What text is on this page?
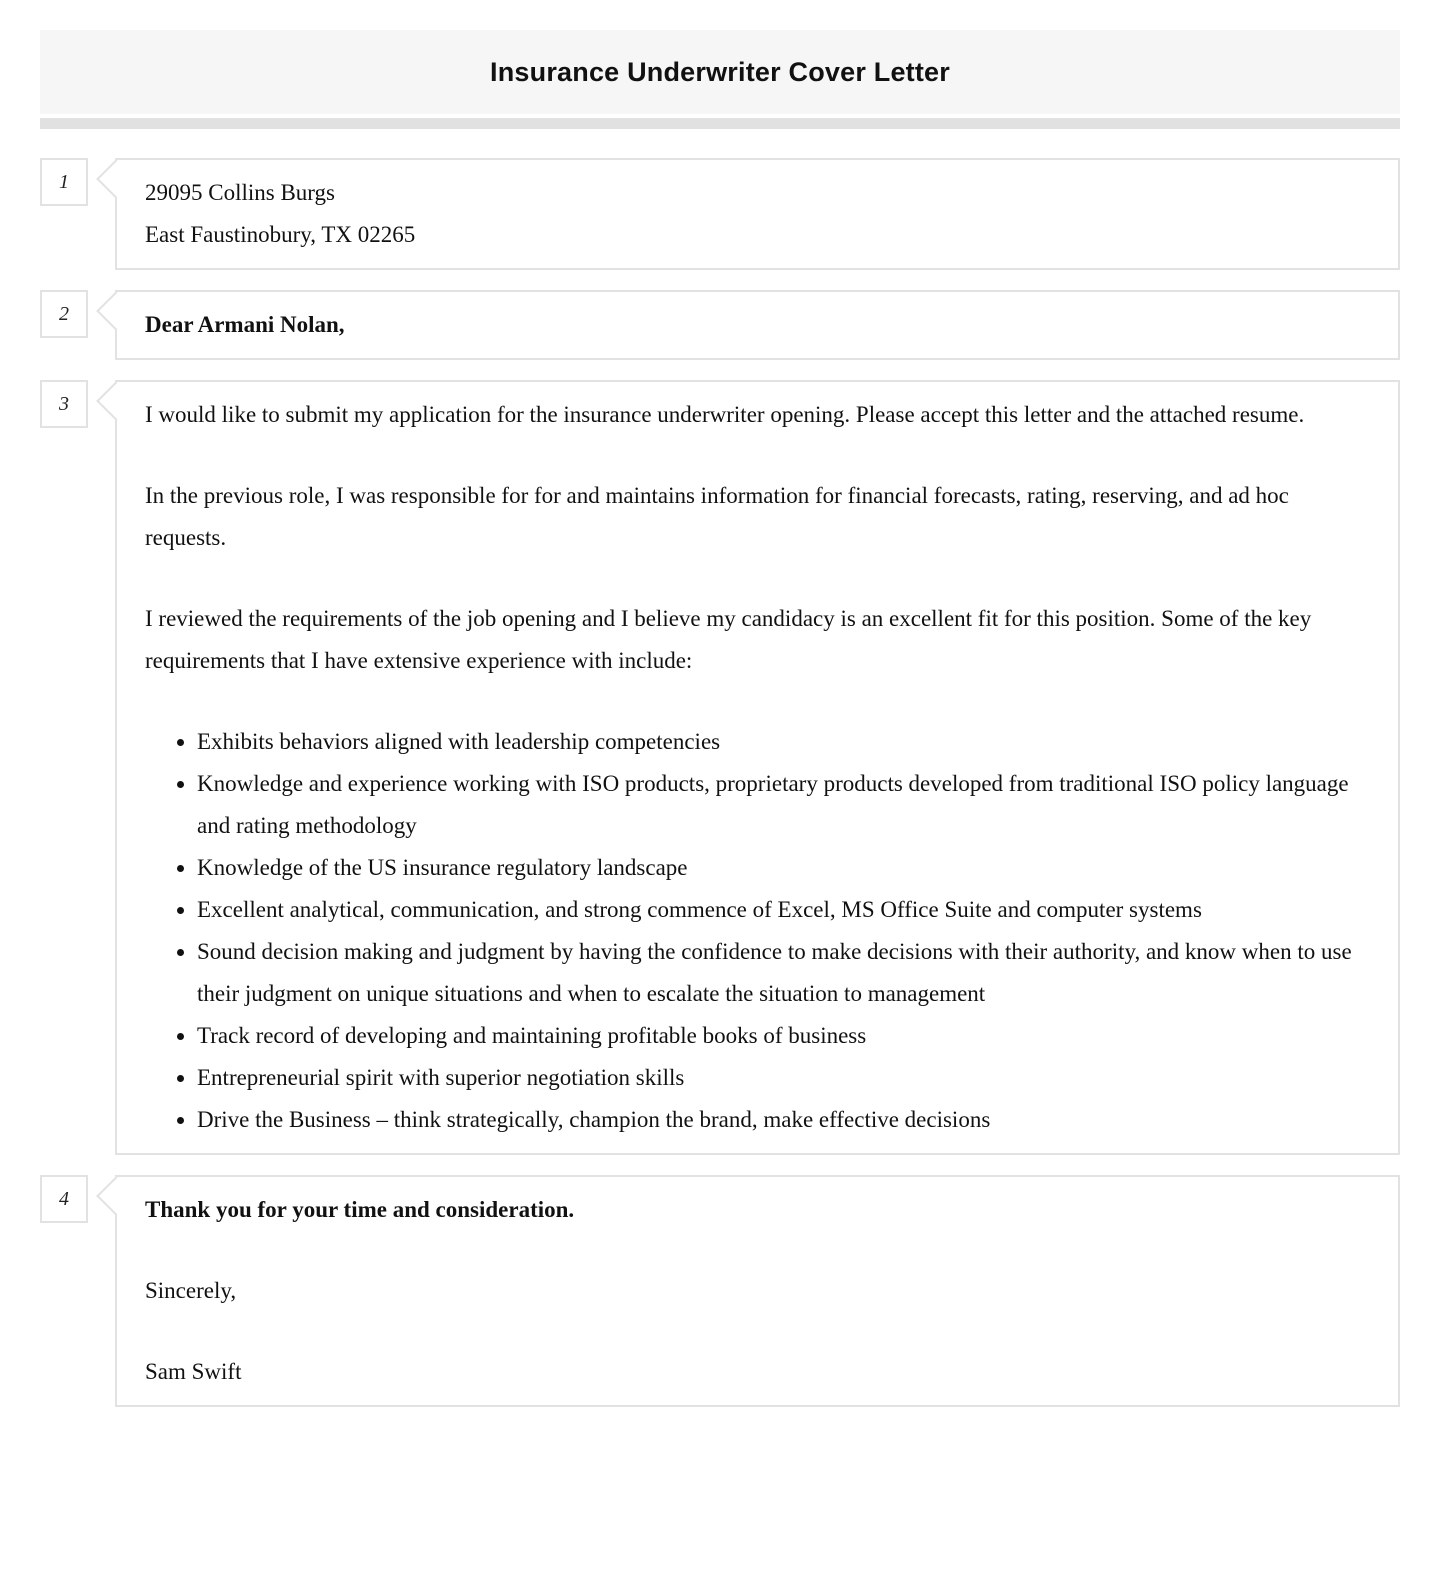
Insurance Underwriter Cover Letter
1	29095 Collins Burgs
East Faustinobury, TX 02265
2	Dear Armani Nolan,
3	I would like to submit my application for the insurance underwriter opening. Please accept this letter and the attached resume.

In the previous role, I was responsible for for and maintains information for financial forecasts, rating, reserving, and ad hoc requests.

I reviewed the requirements of the job opening and I believe my candidacy is an excellent fit for this position. Some of the key requirements that I have extensive experience with include:

• Exhibits behaviors aligned with leadership competencies
• Knowledge and experience working with ISO products, proprietary products developed from traditional ISO policy language and rating methodology
• Knowledge of the US insurance regulatory landscape
• Excellent analytical, communication, and strong commence of Excel, MS Office Suite and computer systems
• Sound decision making and judgment by having the confidence to make decisions with their authority, and know when to use their judgment on unique situations and when to escalate the situation to management
• Track record of developing and maintaining profitable books of business
• Entrepreneurial spirit with superior negotiation skills
• Drive the Business – think strategically, champion the brand, make effective decisions
4	Thank you for your time and consideration.

Sincerely,

Sam Swift
